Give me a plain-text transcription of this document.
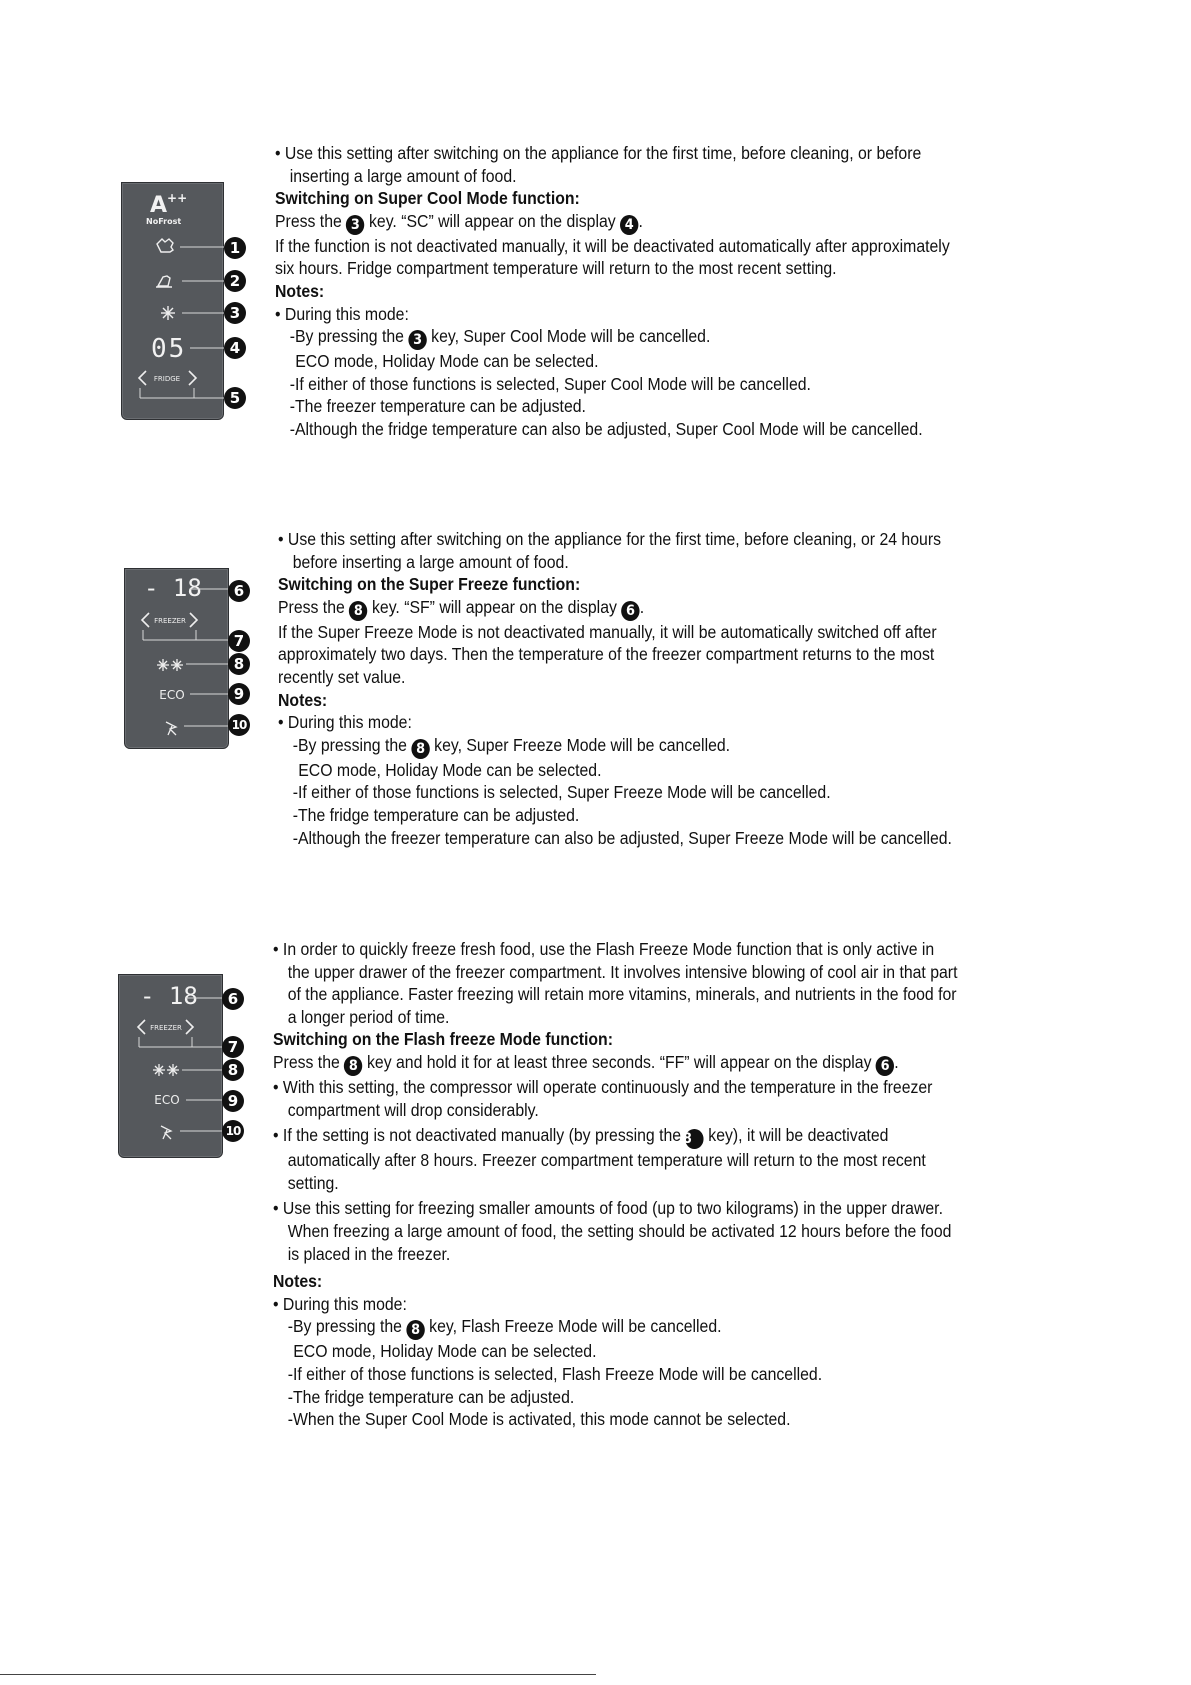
A++
NoFrost
05
FRIDGE
1
2
3
4
5

• Use this setting after switching on the appliance for the first time, before cleaning, or before

inserting a large amount of food.

Switching on Super Cool Mode function:

Press the 3 key. “SC” will appear on the display 4 .

If the function is not deactivated manually, it will be deactivated automatically after approximately

six hours. Fridge compartment temperature will return to the most recent setting.

Notes:

• During this mode:

-By pressing the 3 key, Super Cool Mode will be cancelled.

ECO mode, Holiday Mode can be selected.

-If either of those functions is selected, Super Cool Mode will be cancelled.

-The freezer temperature can be adjusted.

-Although the fridge temperature can also be adjusted, Super Cool Mode will be cancelled.

- 18
FREEZER
ECO
6
7
8
9
10

• Use this setting after switching on the appliance for the first time, before cleaning, or 24 hours

before inserting a large amount of food.

Switching on the Super Freeze function:

Press the 8 key. “SF” will appear on the display 6 .

If the Super Freeze Mode is not deactivated manually, it will be automatically switched off after

approximately two days. Then the temperature of the freezer compartment returns to the most

recently set value.

Notes:

• During this mode:

-By pressing the 8 key, Super Freeze Mode will be cancelled.

ECO mode, Holiday Mode can be selected.

-If either of those functions is selected, Super Freeze Mode will be cancelled.

-The fridge temperature can be adjusted.

-Although the freezer temperature can also be adjusted, Super Freeze Mode will be cancelled.

- 18
FREEZER
ECO
6
7
8
9
10

• In order to quickly freeze fresh food, use the Flash Freeze Mode function that is only active in

the upper drawer of the freezer compartment. It involves intensive blowing of cool air in that part

of the appliance. Faster freezing will retain more vitamins, minerals, and nutrients in the food for

a longer period of time.

Switching on the Flash freeze Mode function:

Press the 8 key and hold it for at least three seconds. “FF” will appear on the display 6 .

• With this setting, the compressor will operate continuously and the temperature in the freezer

compartment will drop considerably.

• If the setting is not deactivated manually (by pressing the 8 key), it will be deactivated

automatically after 8 hours. Freezer compartment temperature will return to the most recent

setting.

• Use this setting for freezing smaller amounts of food (up to two kilograms) in the upper drawer.

When freezing a large amount of food, the setting should be activated 12 hours before the food

is placed in the freezer.

Notes:

• During this mode:

-By pressing the 8 key, Flash Freeze Mode will be cancelled.

ECO mode, Holiday Mode can be selected.

-If either of those functions is selected, Flash Freeze Mode will be cancelled.

-The fridge temperature can be adjusted.

-When the Super Cool Mode is activated, this mode cannot be selected.
